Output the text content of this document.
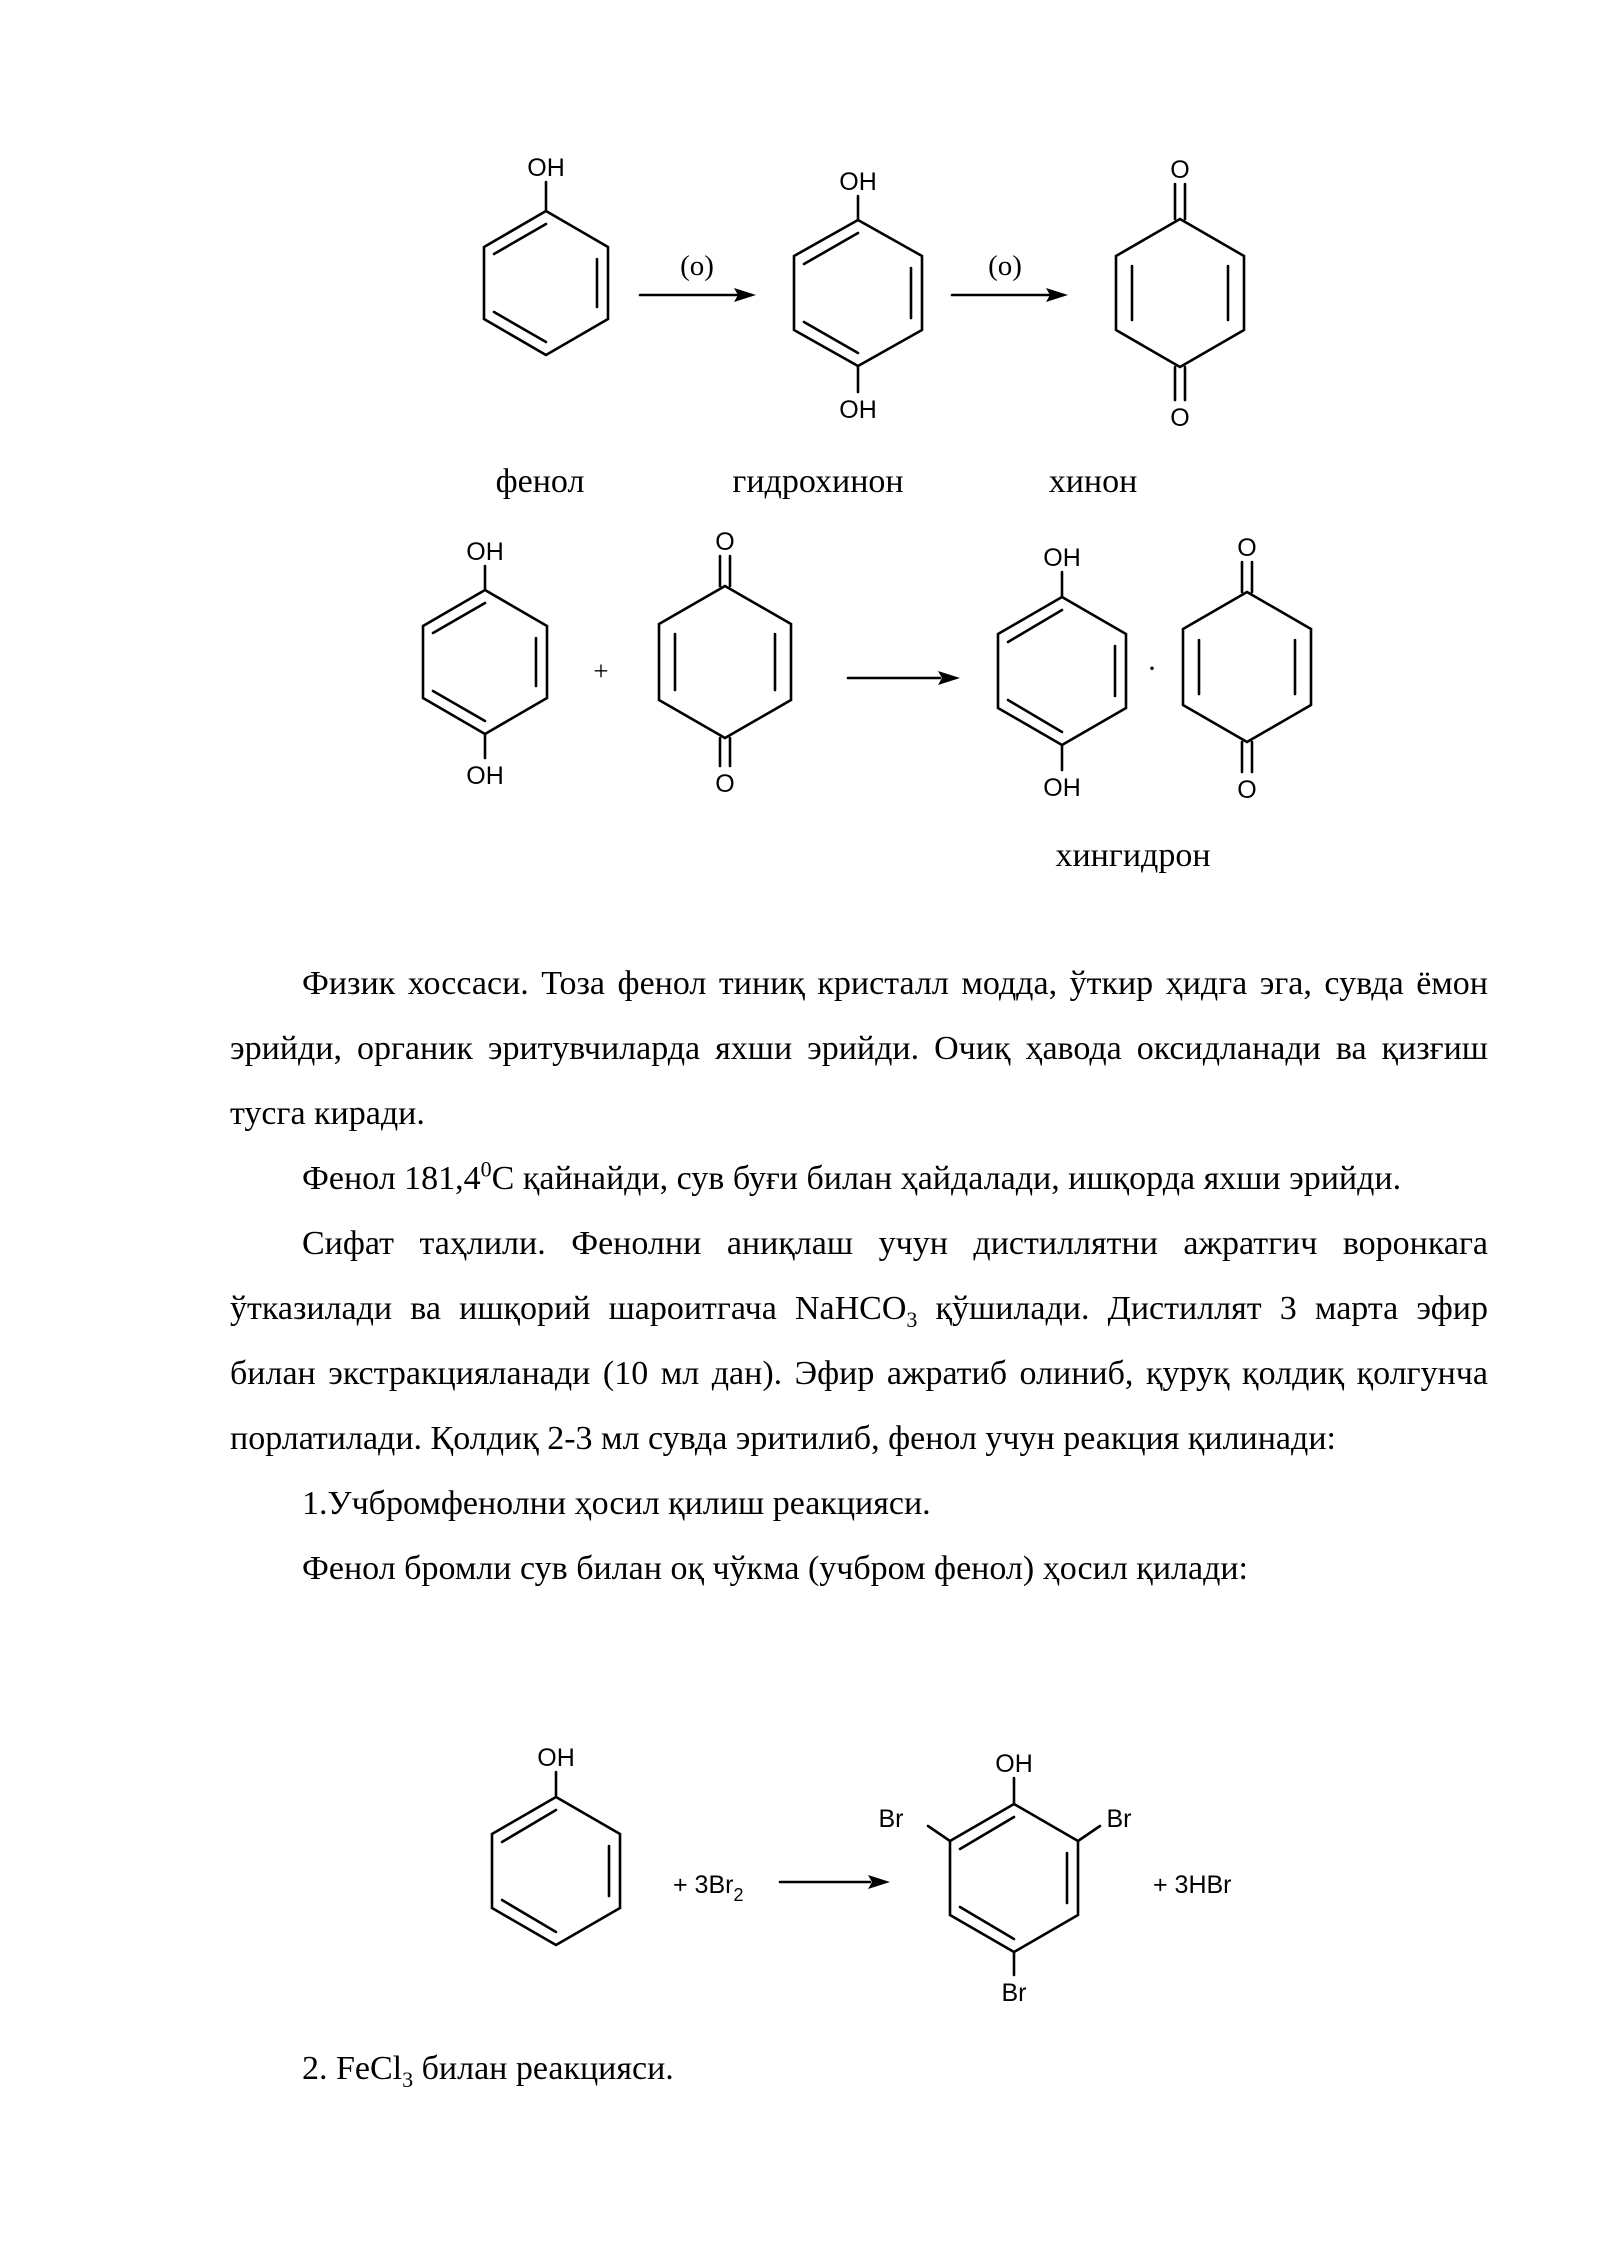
OH
(o)
OH
OH
(o)
O
O
фенол	гидрохинон	хинон
OH
OH
+
O
O
OH
OH
·
O
O
хингидрон

Физик хоссаси. Тоза фенол тиниқ кристалл модда, ўткир ҳидга эга, сувда ёмон эрийди, органик эритувчиларда яхши эрийди. Очиқ ҳавода оксидланади ва қизғиш тусга киради.

Фенол 181,4$^0$С қайнайди, сув буғи билан ҳайдалади, ишқорда яхши эрийди.

Сифат таҳлили. Фенолни аниқлаш учун дистиллятни ажратгич воронкага ўтказилади ва ишқорий шароитгача NaHCO$_3$ қўшилади. Дистиллят 3 марта эфир билан экстракцияланади (10 мл дан). Эфир ажратиб олиниб, қуруқ қолдиқ қолгунча порлатилади. Қолдиқ 2-3 мл сувда эритилиб, фенол учун реакция қилинади:

1.Учбромфенолни ҳосил қилиш реакцияси.

Фенол бромли сув билан оқ чўкма (учбром фенол) ҳосил қилади:

OH
+ $3Br_2$
OH
Br	Br
Br
+ 3HBr

2. FeCl$_3$ билан реакцияси.
